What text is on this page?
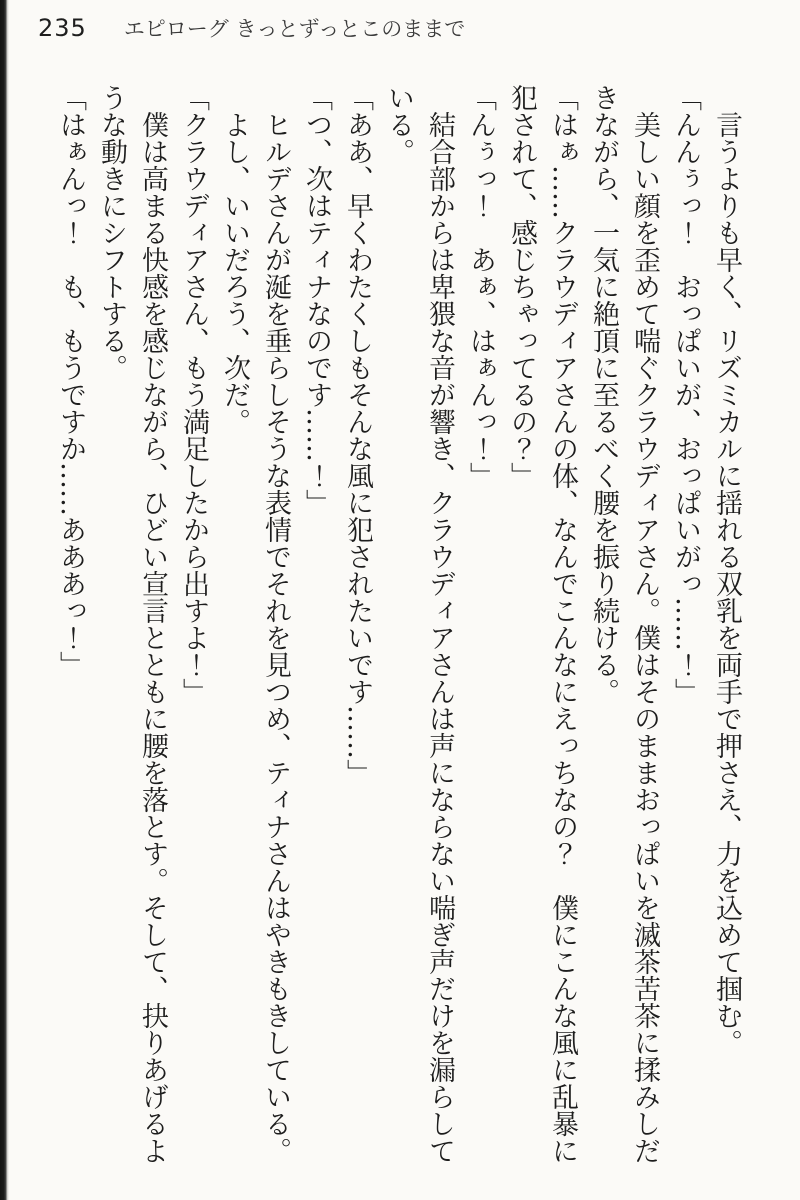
235 エピローグ きっとずっとこのままで

言うよりも早く、リズミカルに揺れる双乳を両手で押さえ、力を込めて掴む。

「んんぅっ！　おっぱいが、おっぱいがっ……！」

美しい顔を歪めて喘ぐクラウディアさん。僕はそのままおっぱいを滅茶苦茶に揉みしだきながら、一気に絶頂に至るべく腰を振り続ける。

「はぁ……クラウディアさんの体、なんでこんなにえっちなの？　僕にこんな風に乱暴に犯されて、感じちゃってるの？」

「んぅっ！　あぁ、はぁんっ！」

結合部からは卑猥な音が響き、クラウディアさんは声にならない喘ぎ声だけを漏らしている。

「ああ、早くわたくしもそんな風に犯されたいです……」

「つ、次はティナなのです……！」

ヒルデさんが涎を垂らしそうな表情でそれを見つめ、ティナさんはやきもきしている。

よし、いいだろう、次だ。

「クラウディアさん、もう満足したから出すよ！」

僕は高まる快感を感じながら、ひどい宣言とともに腰を落とす。そして、抉りあげるような動きにシフトする。

「はぁんっ！　も、もうですか……あああっ！」
